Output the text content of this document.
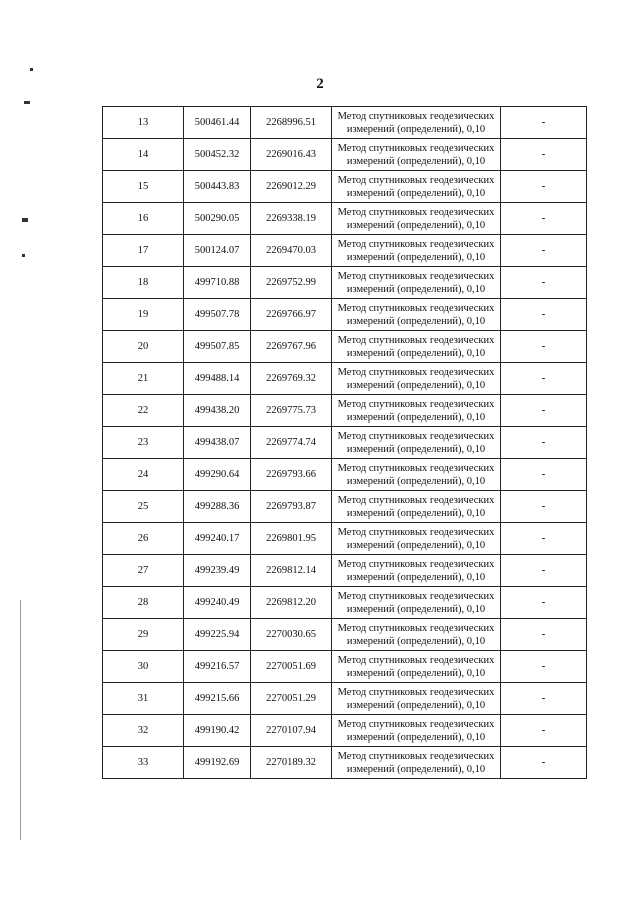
2
13	500461.44	2268996.51	Метод спутниковых геодезических
измерений (определений), 0,10	-
14	500452.32	2269016.43	Метод спутниковых геодезических
измерений (определений), 0,10	-
15	500443.83	2269012.29	Метод спутниковых геодезических
измерений (определений), 0,10	-
16	500290.05	2269338.19	Метод спутниковых геодезических
измерений (определений), 0,10	-
17	500124.07	2269470.03	Метод спутниковых геодезических
измерений (определений), 0,10	-
18	499710.88	2269752.99	Метод спутниковых геодезических
измерений (определений), 0,10	-
19	499507.78	2269766.97	Метод спутниковых геодезических
измерений (определений), 0,10	-
20	499507.85	2269767.96	Метод спутниковых геодезических
измерений (определений), 0,10	-
21	499488.14	2269769.32	Метод спутниковых геодезических
измерений (определений), 0,10	-
22	499438.20	2269775.73	Метод спутниковых геодезических
измерений (определений), 0,10	-
23	499438.07	2269774.74	Метод спутниковых геодезических
измерений (определений), 0,10	-
24	499290.64	2269793.66	Метод спутниковых геодезических
измерений (определений), 0,10	-
25	499288.36	2269793.87	Метод спутниковых геодезических
измерений (определений), 0,10	-
26	499240.17	2269801.95	Метод спутниковых геодезических
измерений (определений), 0,10	-
27	499239.49	2269812.14	Метод спутниковых геодезических
измерений (определений), 0,10	-
28	499240.49	2269812.20	Метод спутниковых геодезических
измерений (определений), 0,10	-
29	499225.94	2270030.65	Метод спутниковых геодезических
измерений (определений), 0,10	-
30	499216.57	2270051.69	Метод спутниковых геодезических
измерений (определений), 0,10	-
31	499215.66	2270051.29	Метод спутниковых геодезических
измерений (определений), 0,10	-
32	499190.42	2270107.94	Метод спутниковых геодезических
измерений (определений), 0,10	-
33	499192.69	2270189.32	Метод спутниковых геодезических
измерений (определений), 0,10	-
